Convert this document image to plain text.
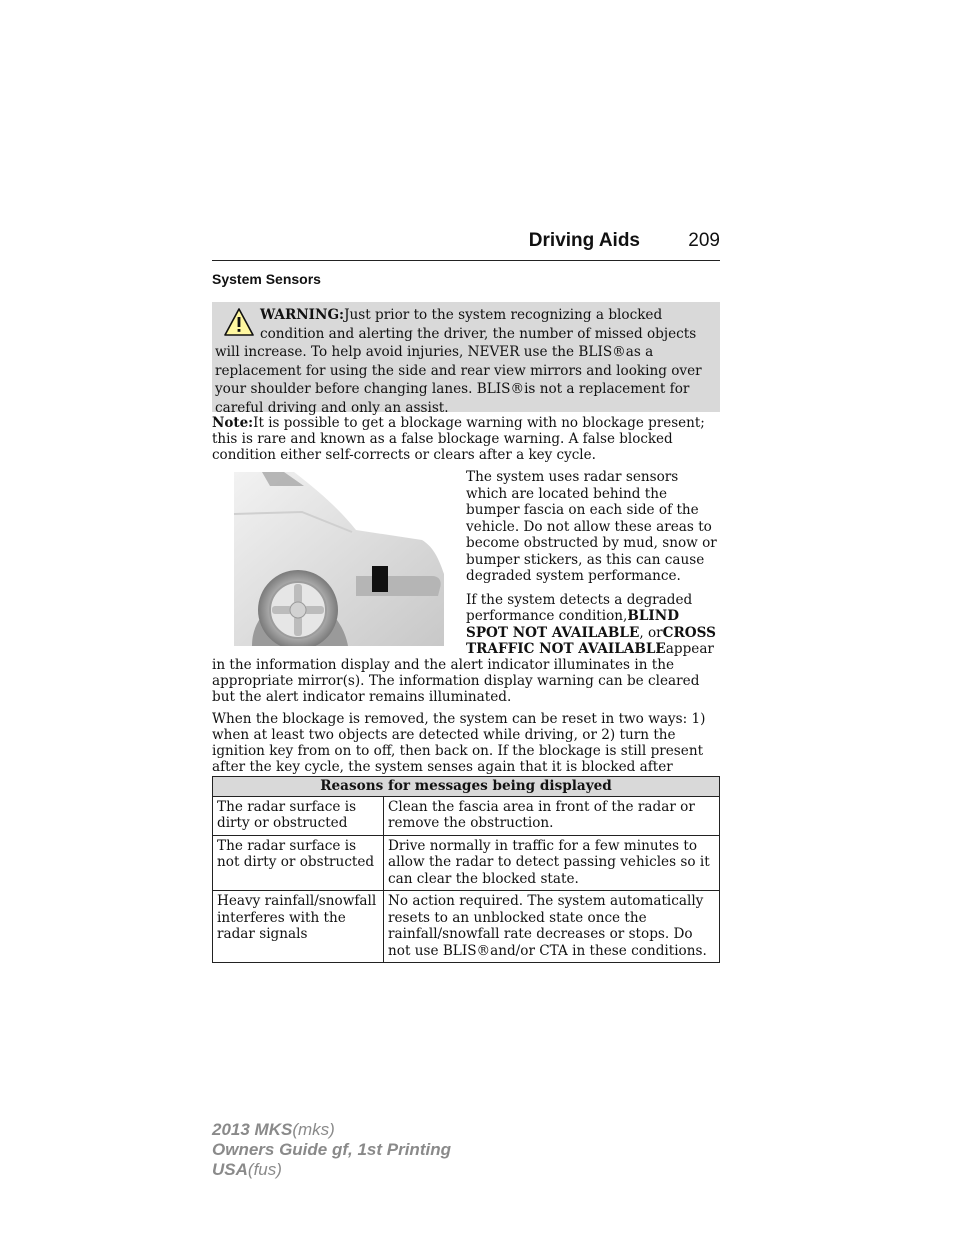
Driving Aids	209
System Sensors
WARNING:Just prior to the system recognizing a blocked
condition and alerting the driver, the number of missed objects
will increase. To help avoid injuries, NEVER use the BLIS®as a
replacement for using the side and rear view mirrors and looking over
your shoulder before changing lanes. BLIS®is not a replacement for
careful driving and only an assist.
Note:It is possible to get a blockage warning with no blockage present; this is rare and known as a false blockage warning. A false blocked condition either self-corrects or clears after a key cycle.

The system uses radar sensors which are located behind the bumper fascia on each side of the vehicle. Do not allow these areas to become obstructed by mud, snow or bumper stickers, as this can cause degraded system performance.

If the system detects a degraded performance condition,BLIND SPOT NOT AVAILABLE, orCROSS TRAFFIC NOT AVAILABLEappear

in the information display and the alert indicator illuminates in the appropriate mirror(s). The information display warning can be cleared but the alert indicator remains illuminated.

When the blockage is removed, the system can be reset in two ways: 1) when at least two objects are detected while driving, or 2) turn the ignition key from on to off, then back on. If the blockage is still present after the key cycle, the system senses again that it is blocked after

Reasons for messages being displayed	
The radar surface is dirty or obstructed	Clean the fascia area in front of the radar or remove the obstruction.
The radar surface is not dirty or obstructed	Drive normally in traffic for a few minutes to allow the radar to detect passing vehicles so it can clear the blocked state.
Heavy rainfall/snowfall interferes with the radar signals	No action required. The system automatically resets to an unblocked state once the rainfall/snowfall rate decreases or stops. Do not use BLIS®and/or CTA in these conditions.
2013 MKS(mks)
Owners Guide gf, 1st Printing
USA(fus)
